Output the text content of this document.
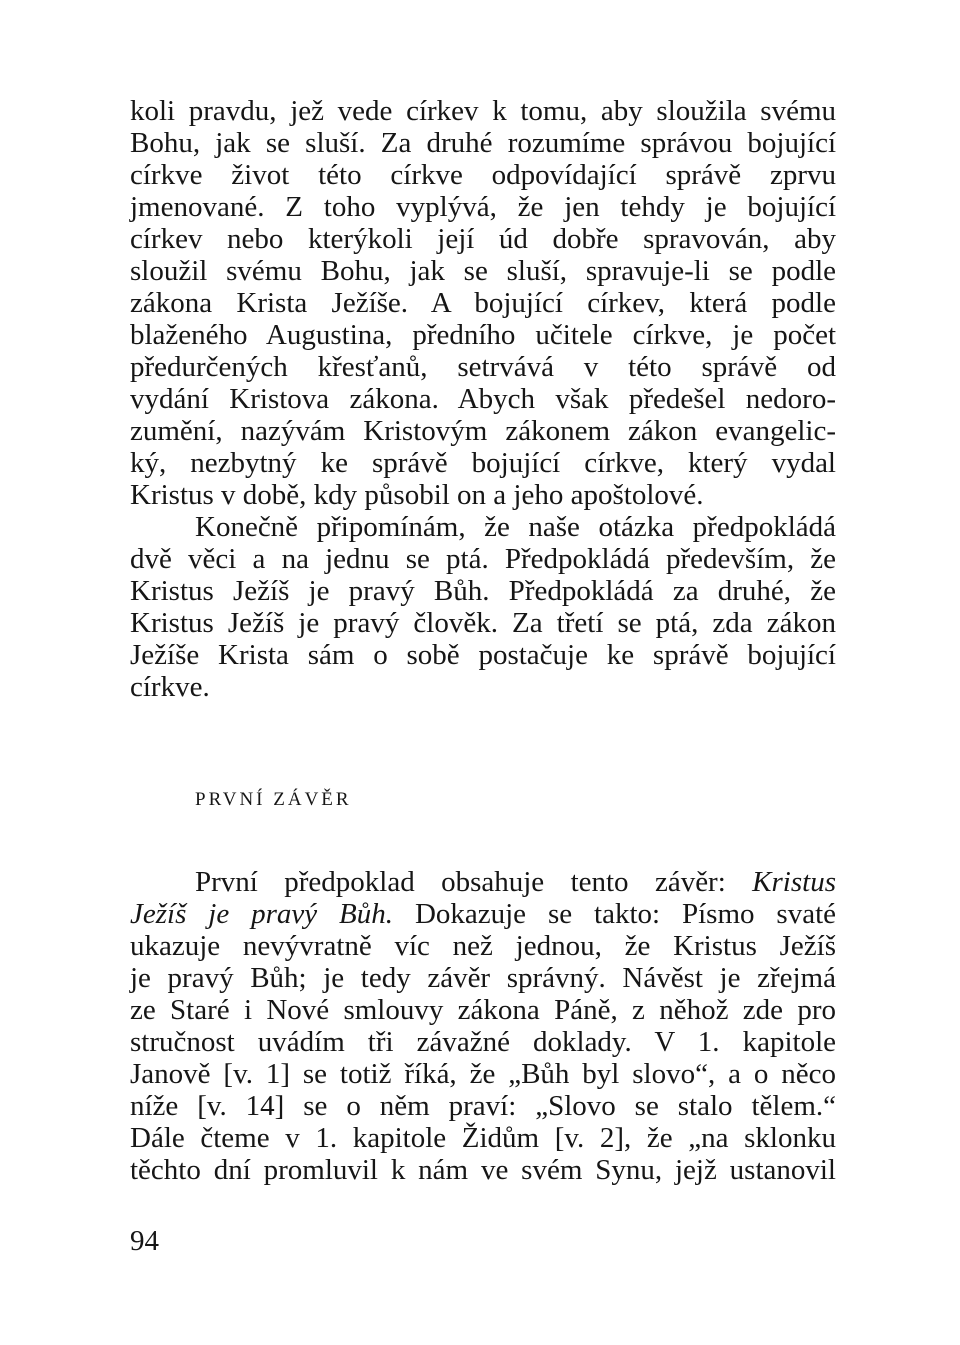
koli pravdu, jež vede církev k tomu, aby sloužila svému
Bohu, jak se sluší. Za druhé rozumíme správou bojující
církve život této církve odpovídající správě zprvu
jmenované. Z toho vyplývá, že jen tehdy je bojující
církev nebo kterýkoli její úd dobře spravován, aby
sloužil svému Bohu, jak se sluší, spravuje-li se podle
zákona Krista Ježíše. A bojující církev, která podle
blaženého Augustina, předního učitele církve, je počet
předurčených křesťanů, setrvává v této správě od
vydání Kristova zákona. Abych však předešel nedoro-
zumění, nazývám Kristovým zákonem zákon evangelic-
ký, nezbytný ke správě bojující církve, který vydal
Kristus v době, kdy působil on a jeho apoštolové.
Konečně připomínám, že naše otázka předpokládá
dvě věci a na jednu se ptá. Předpokládá především, že
Kristus Ježíš je pravý Bůh. Předpokládá za druhé, že
Kristus Ježíš je pravý člověk. Za třetí se ptá, zda zákon
Ježíše Krista sám o sobě postačuje ke správě bojující
církve.
PRVNÍ ZÁVĚR
První předpoklad obsahuje tento závěr: Kristus
Ježíš je pravý Bůh. Dokazuje se takto: Písmo svaté
ukazuje nevývratně víc než jednou, že Kristus Ježíš
je pravý Bůh; je tedy závěr správný. Návěst je zřejmá
ze Staré i Nové smlouvy zákona Páně, z něhož zde pro
stručnost uvádím tři závažné doklady. V 1. kapitole
Janově [v. 1] se totiž říká, že „Bůh byl slovo“, a o něco
níže [v. 14] se o něm praví: „Slovo se stalo tělem.“
Dále čteme v 1. kapitole Židům [v. 2], že „na sklonku
těchto dní promluvil k nám ve svém Synu, jejž ustanovil
94
